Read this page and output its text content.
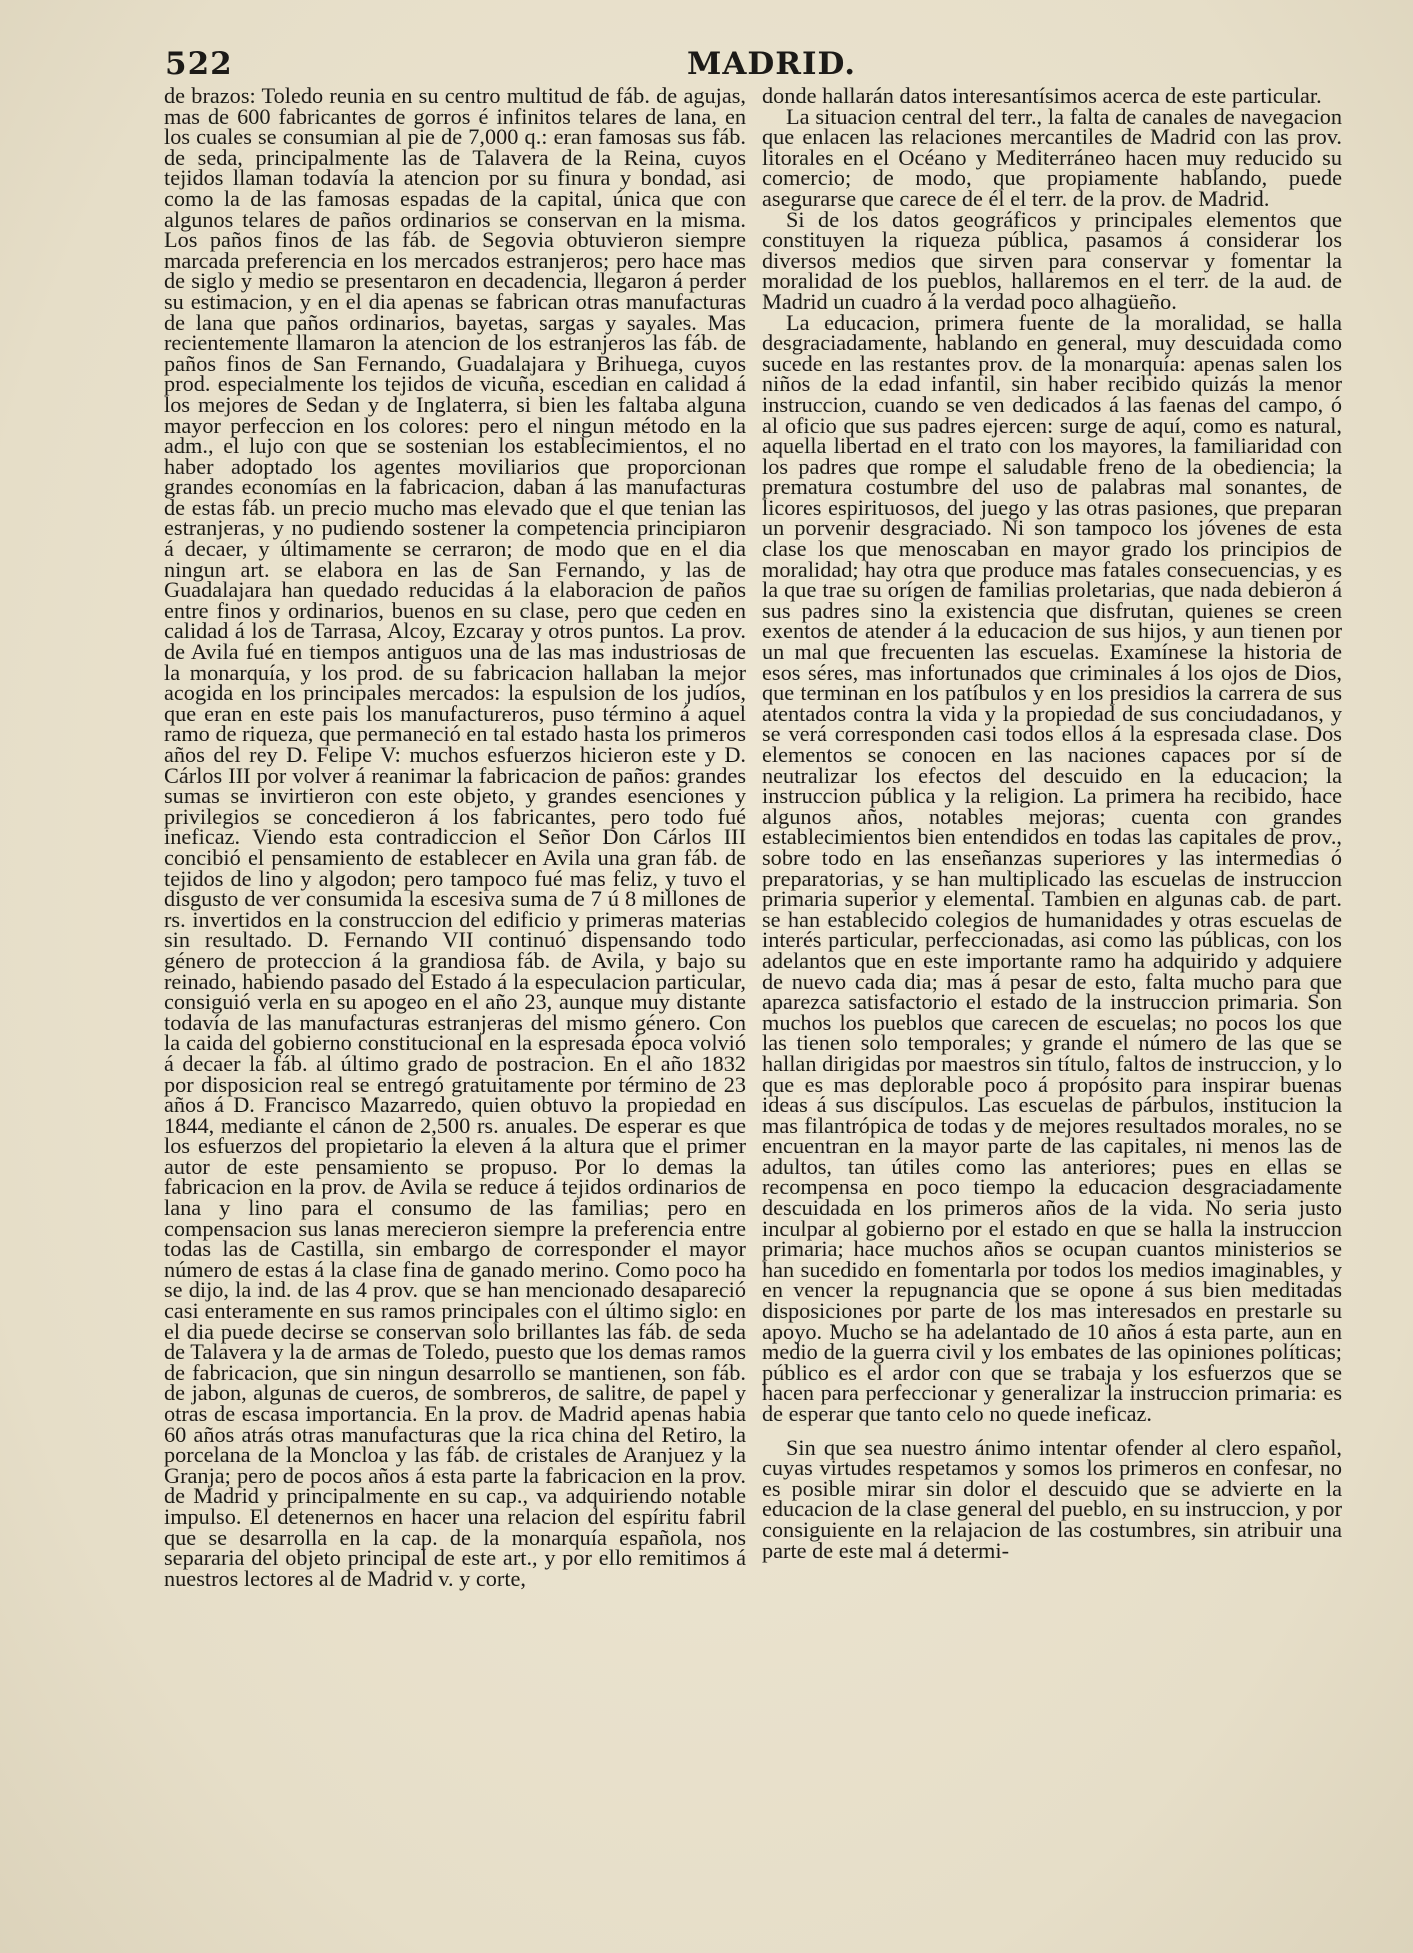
522	MADRID.

de brazos: Toledo reunia en su centro multitud de fáb. de agujas, mas de 600 fabricantes de gorros é infinitos telares de lana, en los cuales se consumian al pie de 7,000 q.: eran famosas sus fáb. de seda, principalmente las de Talavera de la Reina, cuyos tejidos llaman todavía la atencion por su finura y bondad, asi como la de las famosas espadas de la capital, única que con algunos telares de paños ordinarios se conservan en la misma. Los paños finos de las fáb. de Segovia obtuvieron siempre marcada preferencia en los mercados estranjeros; pero hace mas de siglo y medio se presentaron en decadencia, llegaron á perder su estimacion, y en el dia apenas se fabrican otras manufacturas de lana que paños ordinarios, bayetas, sargas y sayales. Mas recientemente llamaron la atencion de los estranjeros las fáb. de paños finos de San Fernando, Guadalajara y Brihuega, cuyos prod. especialmente los tejidos de vicuña, escedian en calidad á los mejores de Sedan y de Inglaterra, si bien les faltaba alguna mayor perfeccion en los colores: pero el ningun método en la adm., el lujo con que se sostenian los establecimientos, el no haber adoptado los agentes moviliarios que proporcionan grandes economías en la fabricacion, daban á las manufacturas de estas fáb. un precio mucho mas elevado que el que tenian las estranjeras, y no pudiendo sostener la competencia principiaron á decaer, y últimamente se cerraron; de modo que en el dia ningun art. se elabora en las de San Fernando, y las de Guadalajara han quedado reducidas á la elaboracion de paños entre finos y ordinarios, buenos en su clase, pero que ceden en calidad á los de Tarrasa, Alcoy, Ezcaray y otros puntos. La prov. de Avila fué en tiempos antiguos una de las mas industriosas de la monarquía, y los prod. de su fabricacion hallaban la mejor acogida en los principales mercados: la espulsion de los judíos, que eran en este pais los manufactureros, puso término á aquel ramo de riqueza, que permaneció en tal estado hasta los primeros años del rey D. Felipe V: muchos esfuerzos hicieron este y D. Cárlos III por volver á reanimar la fabricacion de paños: grandes sumas se invirtieron con este objeto, y grandes esenciones y privilegios se concedieron á los fabricantes, pero todo fué ineficaz. Viendo esta contradiccion el Señor Don Cárlos III concibió el pensamiento de establecer en Avila una gran fáb. de tejidos de lino y algodon; pero tampoco fué mas feliz, y tuvo el disgusto de ver consumida la escesiva suma de 7 ú 8 millones de rs. invertidos en la construccion del edificio y primeras materias sin resultado. D. Fernando VII continuó dispensando todo género de proteccion á la grandiosa fáb. de Avila, y bajo su reinado, habiendo pasado del Estado á la especulacion particular, consiguió verla en su apogeo en el año 23, aunque muy distante todavía de las manufacturas estranjeras del mismo género. Con la caida del gobierno constitucional en la espresada época volvió á decaer la fáb. al último grado de postracion. En el año 1832 por disposicion real se entregó gratuitamente por término de 23 años á D. Francisco Mazarredo, quien obtuvo la propiedad en 1844, mediante el cánon de 2,500 rs. anuales. De esperar es que los esfuerzos del propietario la eleven á la altura que el primer autor de este pensamiento se propuso. Por lo demas la fabricacion en la prov. de Avila se reduce á tejidos ordinarios de lana y lino para el consumo de las familias; pero en compensacion sus lanas merecieron siempre la preferencia entre todas las de Castilla, sin embargo de corresponder el mayor número de estas á la clase fina de ganado merino. Como poco ha se dijo, la ind. de las 4 prov. que se han mencionado desapareció casi enteramente en sus ramos principales con el último siglo: en el dia puede decirse se conservan solo brillantes las fáb. de seda de Talavera y la de armas de Toledo, puesto que los demas ramos de fabricacion, que sin ningun desarrollo se mantienen, son fáb. de jabon, algunas de cueros, de sombreros, de salitre, de papel y otras de escasa importancia. En la prov. de Madrid apenas habia 60 años atrás otras manufacturas que la rica china del Retiro, la porcelana de la Moncloa y las fáb. de cristales de Aranjuez y la Granja; pero de pocos años á esta parte la fabricacion en la prov. de Madrid y principalmente en su cap., va adquiriendo notable impulso. El detenernos en hacer una relacion del espíritu fabril que se desarrolla en la cap. de la monarquía española, nos separaria del objeto principal de este art., y por ello remitimos á nuestros lectores al de Madrid v. y corte,

donde hallarán datos interesantísimos acerca de este particular.

La situacion central del terr., la falta de canales de navegacion que enlacen las relaciones mercantiles de Madrid con las prov. litorales en el Océano y Mediterráneo hacen muy reducido su comercio; de modo, que propiamente hablando, puede asegurarse que carece de él el terr. de la prov. de Madrid.

Si de los datos geográficos y principales elementos que constituyen la riqueza pública, pasamos á considerar los diversos medios que sirven para conservar y fomentar la moralidad de los pueblos, hallaremos en el terr. de la aud. de Madrid un cuadro á la verdad poco alhagüeño.

La educacion, primera fuente de la moralidad, se halla desgraciadamente, hablando en general, muy descuidada como sucede en las restantes prov. de la monarquía: apenas salen los niños de la edad infantil, sin haber recibido quizás la menor instruccion, cuando se ven dedicados á las faenas del campo, ó al oficio que sus padres ejercen: surge de aquí, como es natural, aquella libertad en el trato con los mayores, la familiaridad con los padres que rompe el saludable freno de la obediencia; la prematura costumbre del uso de palabras mal sonantes, de licores espirituosos, del juego y las otras pasiones, que preparan un porvenir desgraciado. Ni son tampoco los jóvenes de esta clase los que menoscaban en mayor grado los principios de moralidad; hay otra que produce mas fatales consecuencias, y es la que trae su orígen de familias proletarias, que nada debieron á sus padres sino la existencia que disfrutan, quienes se creen exentos de atender á la educacion de sus hijos, y aun tienen por un mal que frecuenten las escuelas. Examínese la historia de esos séres, mas infortunados que criminales á los ojos de Dios, que terminan en los patíbulos y en los presidios la carrera de sus atentados contra la vida y la propiedad de sus conciudadanos, y se verá corresponden casi todos ellos á la espresada clase. Dos elementos se conocen en las naciones capaces por sí de neutralizar los efectos del descuido en la educacion; la instruccion pública y la religion. La primera ha recibido, hace algunos años, notables mejoras; cuenta con grandes establecimientos bien entendidos en todas las capitales de prov., sobre todo en las enseñanzas superiores y las intermedias ó preparatorias, y se han multiplicado las escuelas de instruccion primaria superior y elemental. Tambien en algunas cab. de part. se han establecido colegios de humanidades y otras escuelas de interés particular, perfeccionadas, asi como las públicas, con los adelantos que en este importante ramo ha adquirido y adquiere de nuevo cada dia; mas á pesar de esto, falta mucho para que aparezca satisfactorio el estado de la instruccion primaria. Son muchos los pueblos que carecen de escuelas; no pocos los que las tienen solo temporales; y grande el número de las que se hallan dirigidas por maestros sin título, faltos de instruccion, y lo que es mas deplorable poco á propósito para inspirar buenas ideas á sus discípulos. Las escuelas de párbulos, institucion la mas filantrópica de todas y de mejores resultados morales, no se encuentran en la mayor parte de las capitales, ni menos las de adultos, tan útiles como las anteriores; pues en ellas se recompensa en poco tiempo la educacion desgraciadamente descuidada en los primeros años de la vida. No seria justo inculpar al gobierno por el estado en que se halla la instruccion primaria; hace muchos años se ocupan cuantos ministerios se han sucedido en fomentarla por todos los medios imaginables, y en vencer la repugnancia que se opone á sus bien meditadas disposiciones por parte de los mas interesados en prestarle su apoyo. Mucho se ha adelantado de 10 años á esta parte, aun en medio de la guerra civil y los embates de las opiniones políticas; público es el ardor con que se trabaja y los esfuerzos que se hacen para perfeccionar y generalizar la instruccion primaria: es de esperar que tanto celo no quede ineficaz.

Sin que sea nuestro ánimo intentar ofender al clero español, cuyas virtudes respetamos y somos los primeros en confesar, no es posible mirar sin dolor el descuido que se advierte en la educacion de la clase general del pueblo, en su instruccion, y por consiguiente en la relajacion de las costumbres, sin atribuir una parte de este mal á determi-
